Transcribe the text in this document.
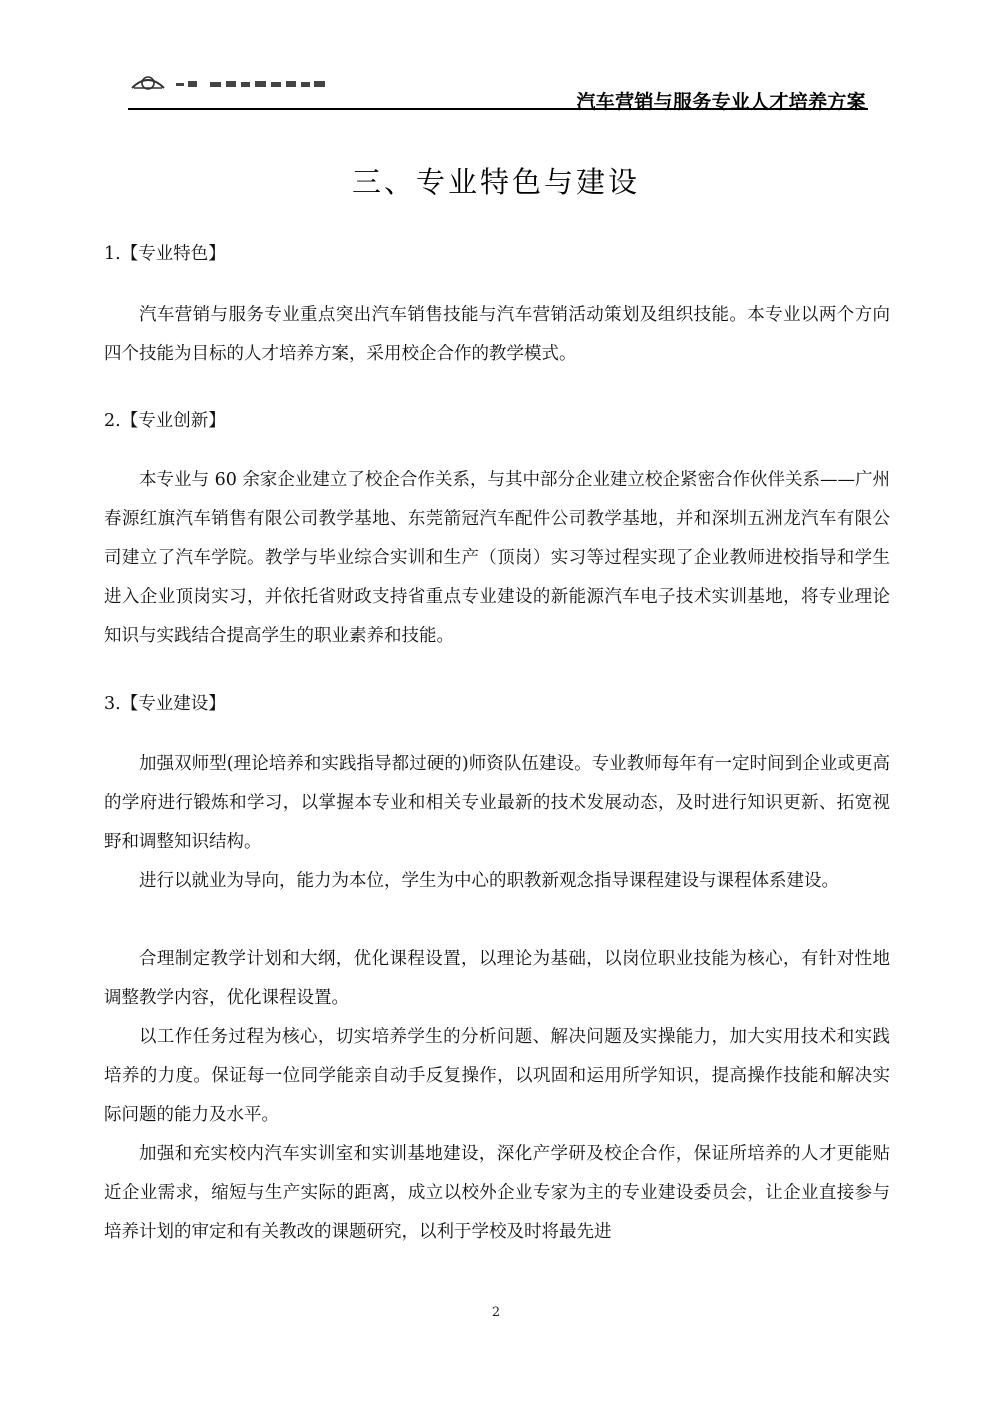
汽车营销与服务专业人才培养方案
三、专业特色与建设
1.【专业特色】

汽车营销与服务专业重点突出汽车销售技能与汽车营销活动策划及组织技能。本专业以两个方向四个技能为目标的人才培养方案，采用校企合作的教学模式。

2.【专业创新】

本专业与 60 余家企业建立了校企合作关系，与其中部分企业建立校企紧密合作伙伴关系——广州春源红旗汽车销售有限公司教学基地、东莞箭冠汽车配件公司教学基地，并和深圳五洲龙汽车有限公司建立了汽车学院。教学与毕业综合实训和生产（顶岗）实习等过程实现了企业教师进校指导和学生进入企业顶岗实习，并依托省财政支持省重点专业建设的新能源汽车电子技术实训基地，将专业理论知识与实践结合提高学生的职业素养和技能。

3.【专业建设】

加强双师型(理论培养和实践指导都过硬的)师资队伍建设。专业教师每年有一定时间到企业或更高的学府进行锻炼和学习，以掌握本专业和相关专业最新的技术发展动态，及时进行知识更新、拓宽视野和调整知识结构。

进行以就业为导向，能力为本位，学生为中心的职教新观念指导课程建设与课程体系建设。

合理制定教学计划和大纲，优化课程设置，以理论为基础，以岗位职业技能为核心，有针对性地调整教学内容，优化课程设置。

以工作任务过程为核心，切实培养学生的分析问题、解决问题及实操能力，加大实用技术和实践培养的力度。保证每一位同学能亲自动手反复操作，以巩固和运用所学知识，提高操作技能和解决实际问题的能力及水平。

加强和充实校内汽车实训室和实训基地建设，深化产学研及校企合作，保证所培养的人才更能贴近企业需求，缩短与生产实际的距离，成立以校外企业专家为主的专业建设委员会，让企业直接参与培养计划的审定和有关教改的课题研究，以利于学校及时将最先进

2
